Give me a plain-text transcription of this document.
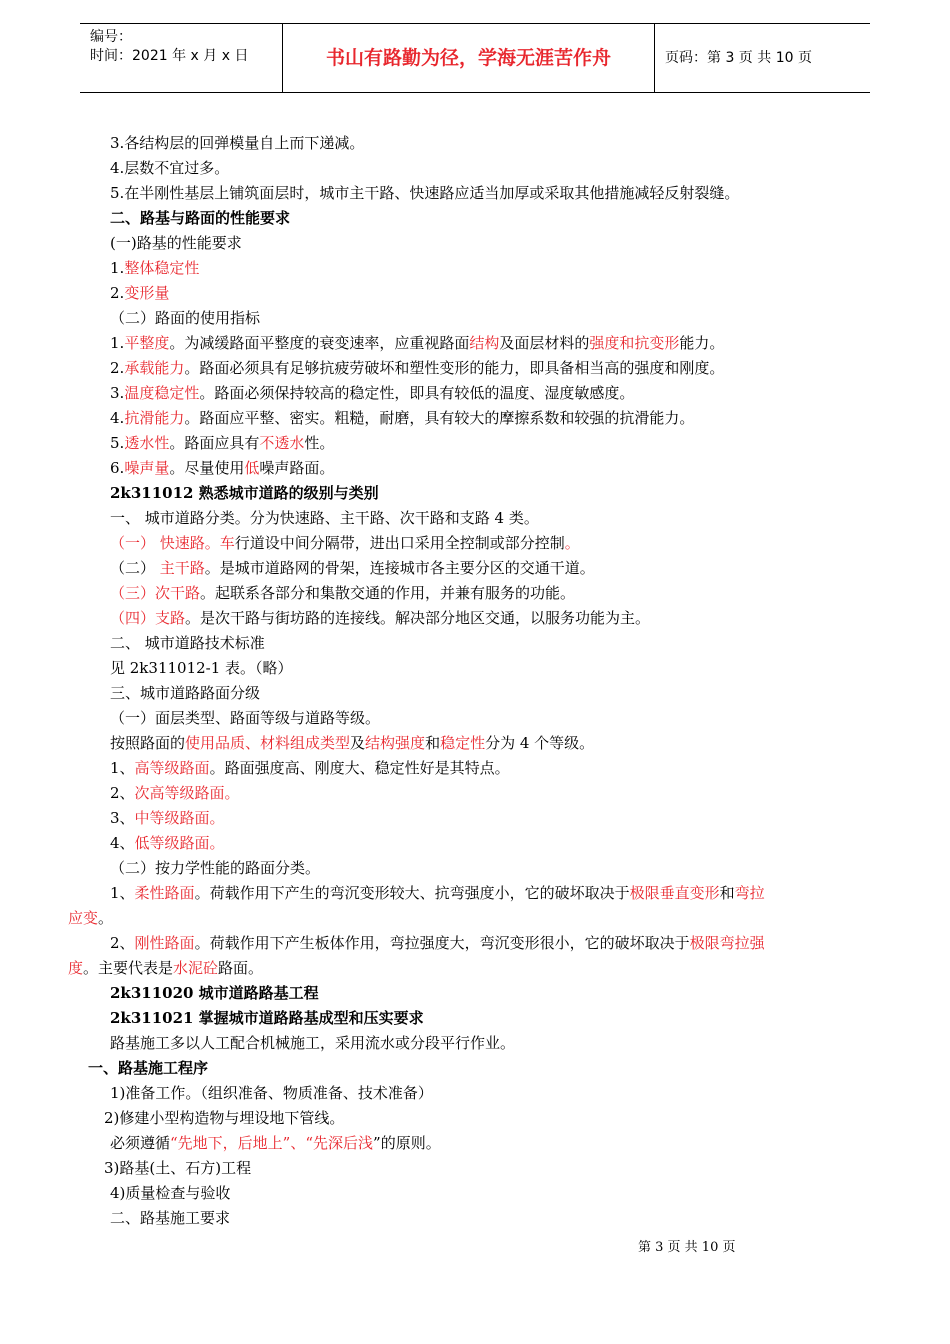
编号：
时间：2021 年 x 月 x 日	书山有路勤为径，学海无涯苦作舟	页码：第 3 页 共 10 页
3.各结构层的回弹模量自上而下递减。
4.层数不宜过多。
5.在半刚性基层上铺筑面层时，城市主干路、快速路应适当加厚或采取其他措施减轻反射裂缝。
二、路基与路面的性能要求
(一)路基的性能要求
1.整体稳定性
2.变形量
（二）路面的使用指标
1.平整度。为减缓路面平整度的衰变速率，应重视路面结构及面层材料的强度和抗变形能力。
2.承载能力。路面必须具有足够抗疲劳破坏和塑性变形的能力，即具备相当高的强度和刚度。
3.温度稳定性。路面必须保持较高的稳定性，即具有较低的温度、湿度敏感度。
4.抗滑能力。路面应平整、密实。粗糙，耐磨，具有较大的摩擦系数和较强的抗滑能力。
5.透水性。路面应具有不透水性。
6.噪声量。尽量使用低噪声路面。
2k311012 熟悉城市道路的级别与类别
一、 城市道路分类。分为快速路、主干路、次干路和支路 4 类。
（一） 快速路。车行道设中间分隔带，进出口采用全控制或部分控制。
（二） 主干路。是城市道路网的骨架，连接城市各主要分区的交通干道。
（三）次干路。起联系各部分和集散交通的作用，并兼有服务的功能。
（四）支路。是次干路与街坊路的连接线。解决部分地区交通，以服务功能为主。
二、 城市道路技术标准
见 2k311012-1 表。（略）
三、城市道路路面分级
（一）面层类型、路面等级与道路等级。
按照路面的使用品质、材料组成类型及结构强度和稳定性分为 4 个等级。
1、高等级路面。路面强度高、刚度大、稳定性好是其特点。
2、次高等级路面。
3、中等级路面。
4、低等级路面。
（二）按力学性能的路面分类。
1、柔性路面。荷载作用下产生的弯沉变形较大、抗弯强度小，它的破坏取决于极限垂直变形和弯拉
应变。
2、刚性路面。荷载作用下产生板体作用，弯拉强度大，弯沉变形很小，它的破坏取决于极限弯拉强
度。主要代表是水泥砼路面。
2k311020 城市道路路基工程
2k311021 掌握城市道路路基成型和压实要求
路基施工多以人工配合机械施工，采用流水或分段平行作业。
一、路基施工程序
1)准备工作。（组织准备、物质准备、技术准备）
2)修建小型构造物与埋设地下管线。
必须遵循“先地下，后地上”、“先深后浅”的原则。
3)路基(土、石方)工程
4)质量检查与验收
二、路基施工要求
第 3 页 共 10 页
